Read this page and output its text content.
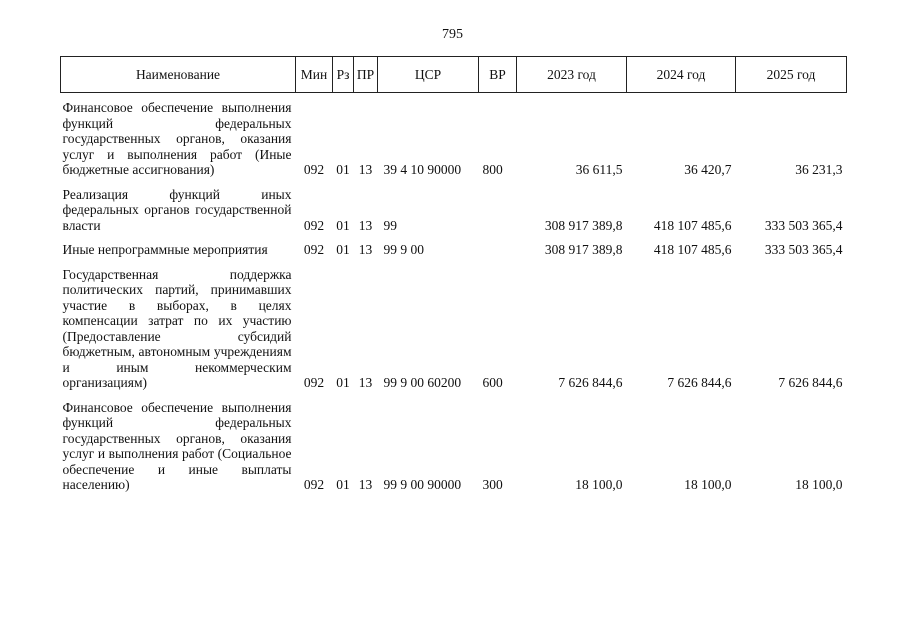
795
Наименование	Мин	Рз	ПР	ЦСР	ВР	2023 год	2024 год	2025 год
Финансовое обеспечение выполнения функций федеральных государственных органов, оказания услуг и выполнения работ (Иные бюджетные ассигнования)	092	01	13	39 4 10 90000	800	36 611,5	36 420,7	36 231,3
Реализация функций иных федеральных органов государственной власти	092	01	13	99		308 917 389,8	418 107 485,6	333 503 365,4
Иные непрограммные мероприятия	092	01	13	99 9 00		308 917 389,8	418 107 485,6	333 503 365,4
Государственная поддержка политических партий, принимавших участие в выборах, в целях компенсации затрат по их участию (Предоставление субсидий бюджетным, автономным учреждениям и иным некоммерческим организациям)	092	01	13	99 9 00 60200	600	7 626 844,6	7 626 844,6	7 626 844,6
Финансовое обеспечение выполнения функций федеральных государственных органов, оказания услуг и выполнения работ (Социальное обеспечение и иные выплаты населению)	092	01	13	99 9 00 90000	300	18 100,0	18 100,0	18 100,0
